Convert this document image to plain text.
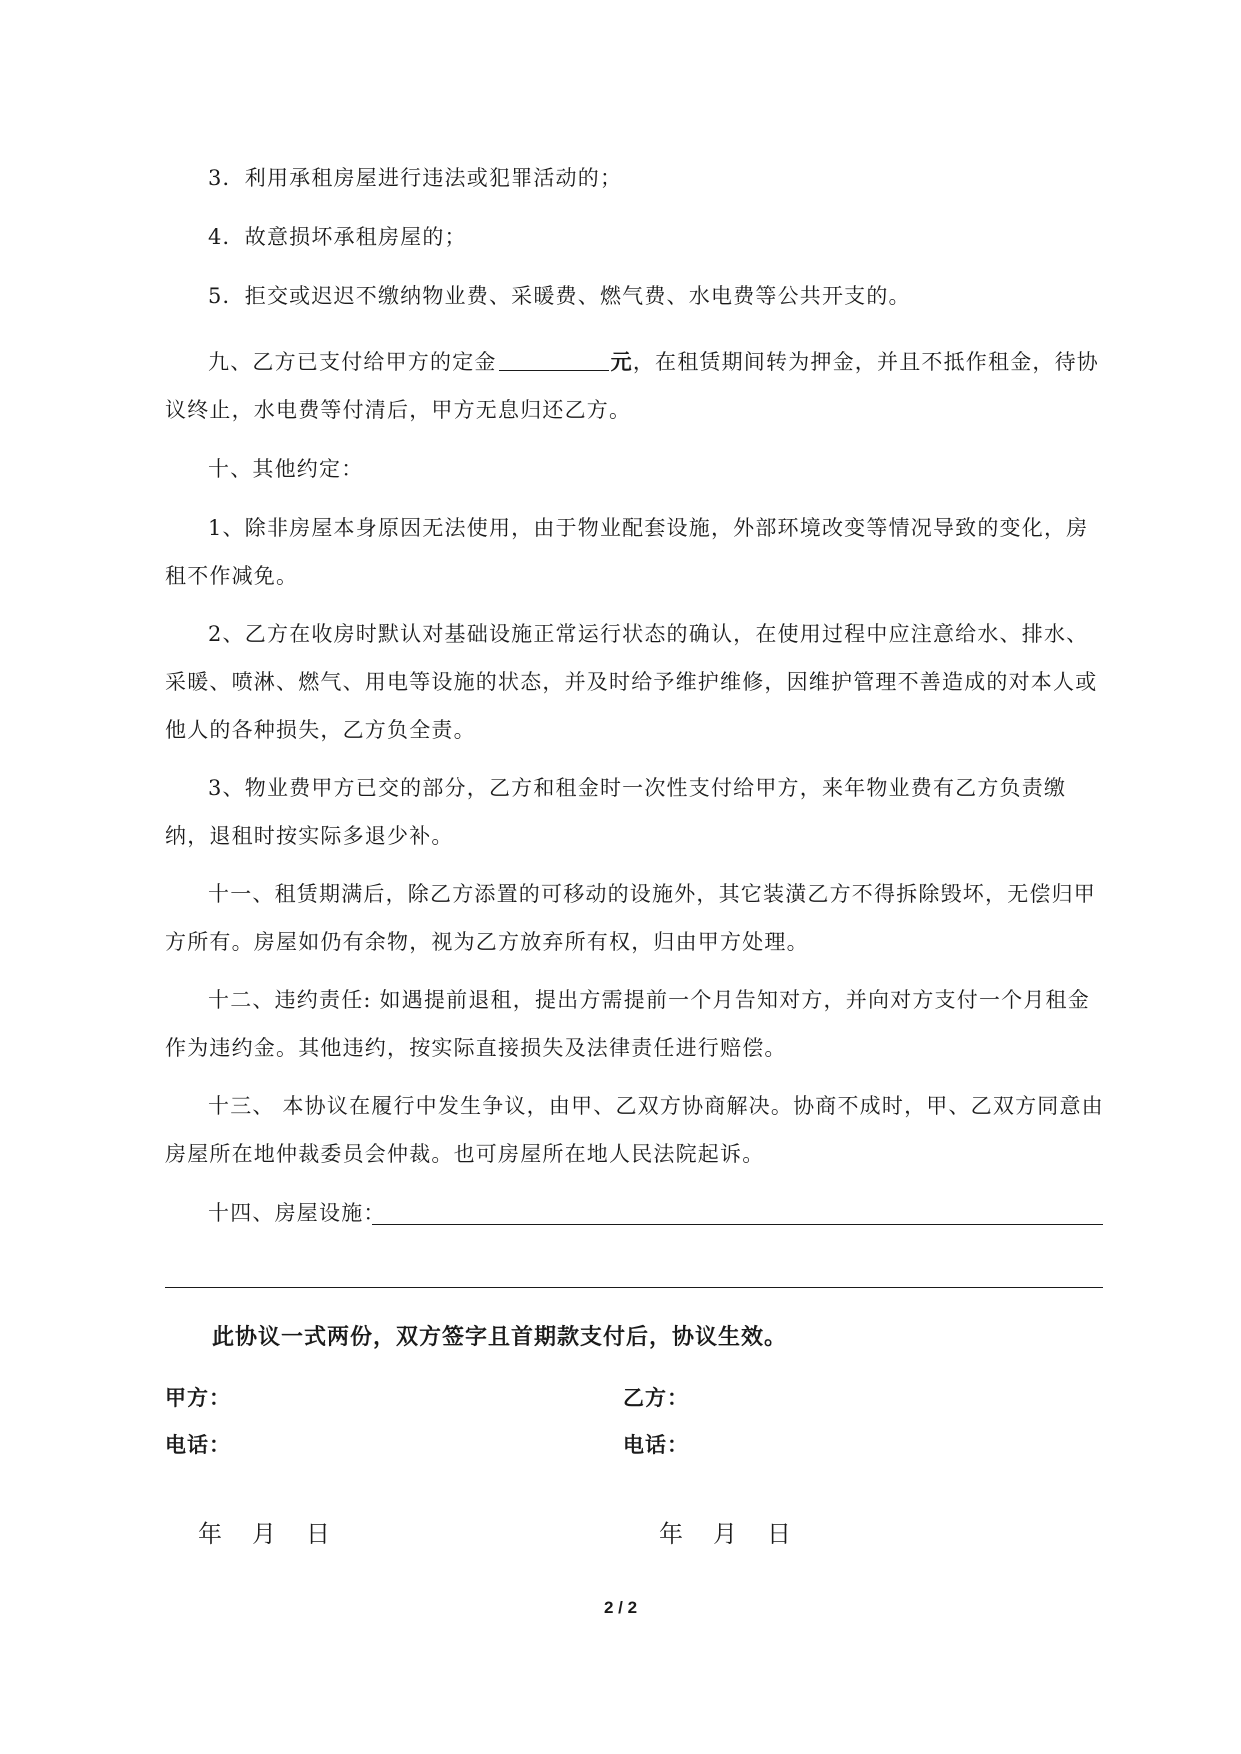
3．利用承租房屋进行违法或犯罪活动的；

4．故意损坏承租房屋的；

5．拒交或迟迟不缴纳物业费、采暖费、燃气费、水电费等公共开支的。

九、乙方已支付给甲方的定金	元，在租赁期间转为押金，并且不抵作租金，待协议终止，水电费等付清后，甲方无息归还乙方。

十、其他约定：

1、除非房屋本身原因无法使用，由于物业配套设施，外部环境改变等情况导致的变化，房租不作减免。

2、乙方在收房时默认对基础设施正常运行状态的确认，在使用过程中应注意给水、排水、采暖、喷淋、燃气、用电等设施的状态，并及时给予维护维修，因维护管理不善造成的对本人或他人的各种损失，乙方负全责。

3、物业费甲方已交的部分，乙方和租金时一次性支付给甲方，来年物业费有乙方负责缴纳，退租时按实际多退少补。

十一、租赁期满后，除乙方添置的可移动的设施外，其它装潢乙方不得拆除毁坏，无偿归甲方所有。房屋如仍有余物，视为乙方放弃所有权，归由甲方处理。

十二、违约责任: 如遇提前退租，提出方需提前一个月告知对方，并向对方支付一个月租金作为违约金。其他违约，按实际直接损失及法律责任进行赔偿。

十三、 本协议在履行中发生争议，由甲、乙双方协商解决。协商不成时，甲、乙双方同意由房屋所在地仲裁委员会仲裁。也可房屋所在地人民法院起诉。

十四、房屋设施：

此协议一式两份，双方签字且首期款支付后，协议生效。
甲方：	乙方：
电话：	电话：
年 月 日	年 月 日
2 / 2
